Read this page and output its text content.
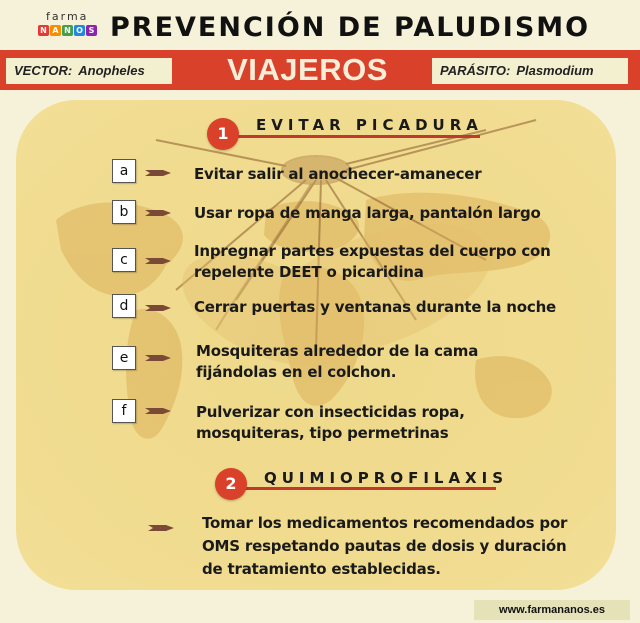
farma
N A N O S PREVENCIÓN DE PALUDISMO
VECTOR: Anopheles	VIAJEROS	PARÁSITO: Plasmodium
1	EVITAR PICADURA
a	Evitar salir al anochecer-amanecer
b	Usar ropa de manga larga, pantalón largo
c	Inpregnar partes expuestas del cuerpo con
repelente DEET o picaridina
d	Cerrar puertas y ventanas durante la noche
e	Mosquiteras alrededor de la cama
fijándolas en el colchon.
f	Pulverizar con insecticidas ropa,
mosquiteras, tipo permetrinas
2	QUIMIOPROFILAXIS
Tomar los medicamentos recomendados por
OMS respetando pautas de dosis y duración
de tratamiento establecidas.
www.farmananos.es
